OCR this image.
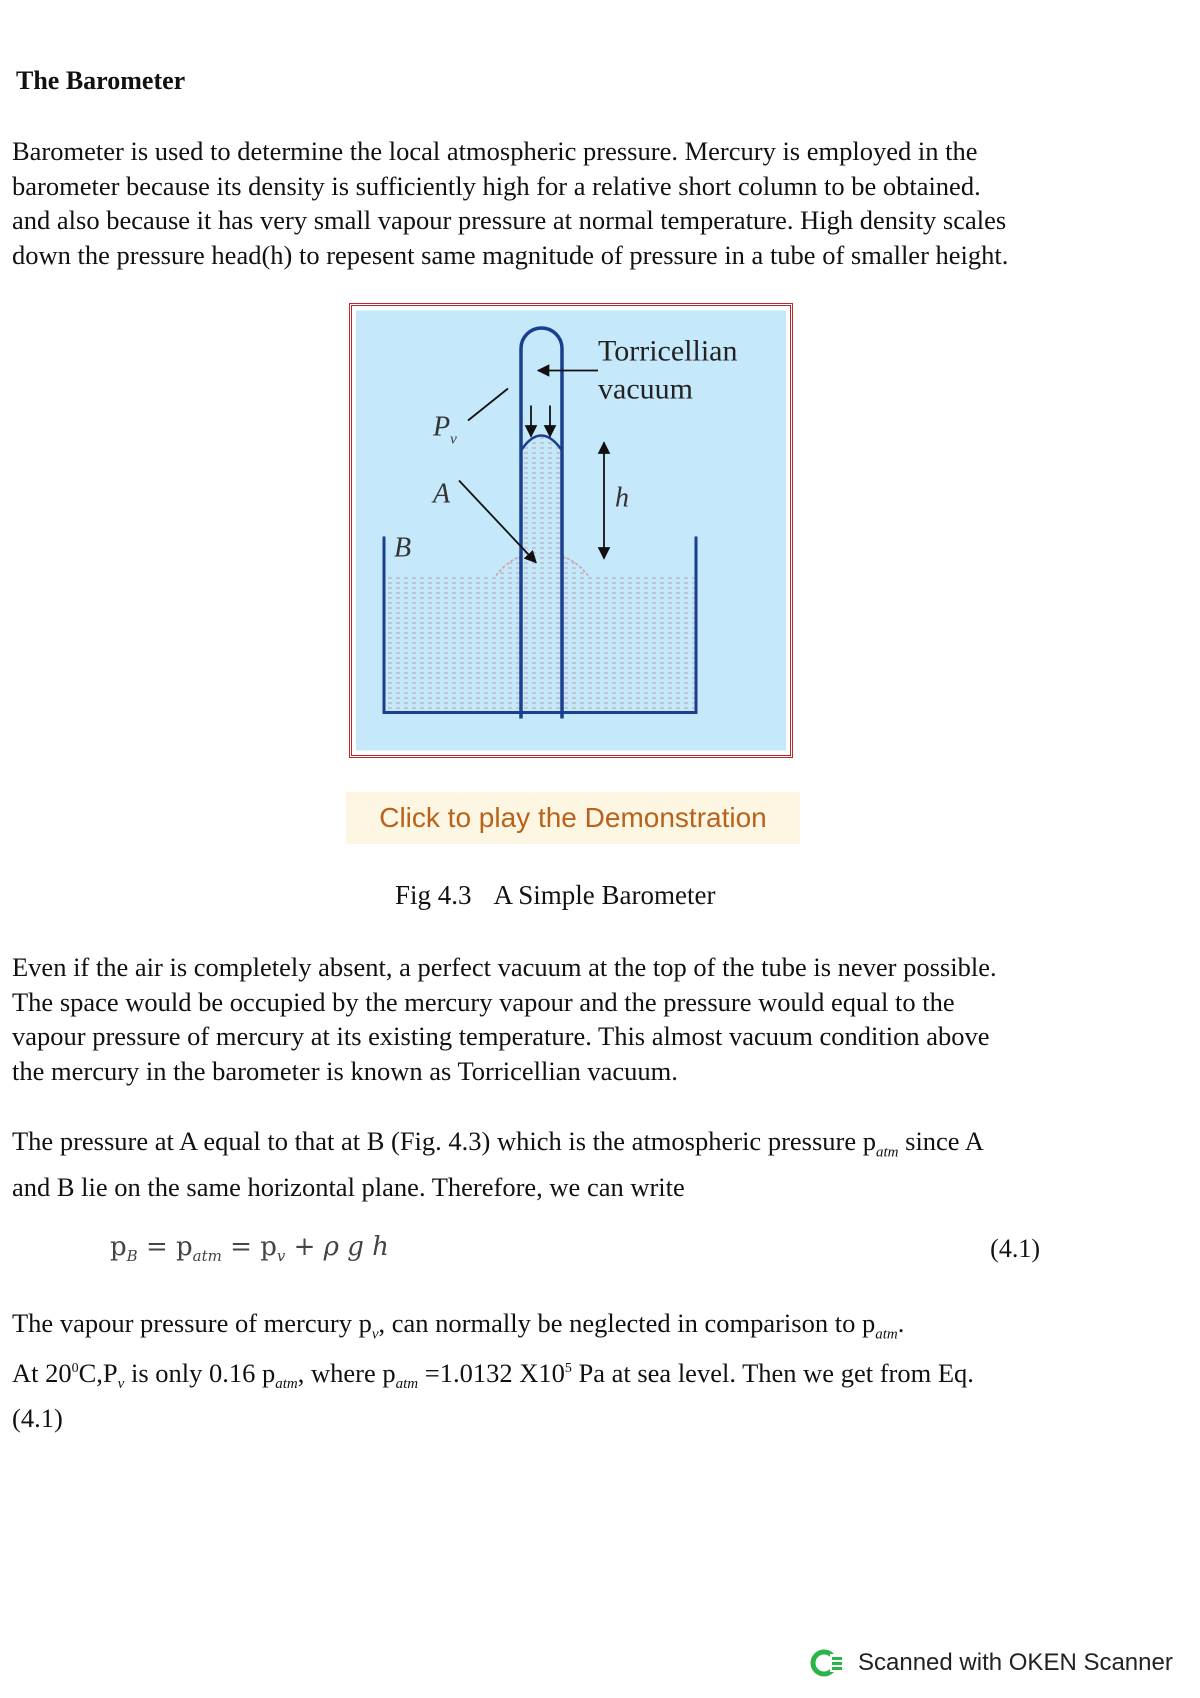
The Barometer
Barometer is used to determine the local atmospheric pressure. Mercury is employed in the
barometer because its density is sufficiently high for a relative short column to be obtained.
and also because it has very small vapour pressure at normal temperature. High density scales
down the pressure head(h) to repesent same magnitude of pressure in a tube of smaller height.
Torricellian
vacuum
$P_v$
A	h
B
Click to play the Demonstration
Fig 4.3 A Simple Barometer
Even if the air is completely absent, a perfect vacuum at the top of the tube is never possible.
The space would be occupied by the mercury vapour and the pressure would equal to the
vapour pressure of mercury at its existing temperature. This almost vacuum condition above
the mercury in the barometer is known as Torricellian vacuum.
The pressure at A equal to that at B (Fig. 4.3) which is the atmospheric pressure $p_{atm}$ since A
and B lie on the same horizontal plane. Therefore, we can write
$p_B = p_{atm} = p_v + \rho$ g h	(4.1)
The vapour pressure of mercury $p_v$, can normally be neglected in comparison to $p_{atm}$.
At $20^0C,P_v$ is only 0.16 $p_{atm}$, where $p_{atm} =1.0132$ $X10^5$ Pa at sea level. Then we get from Eq.
(4.1)
Scanned with OKEN Scanner
